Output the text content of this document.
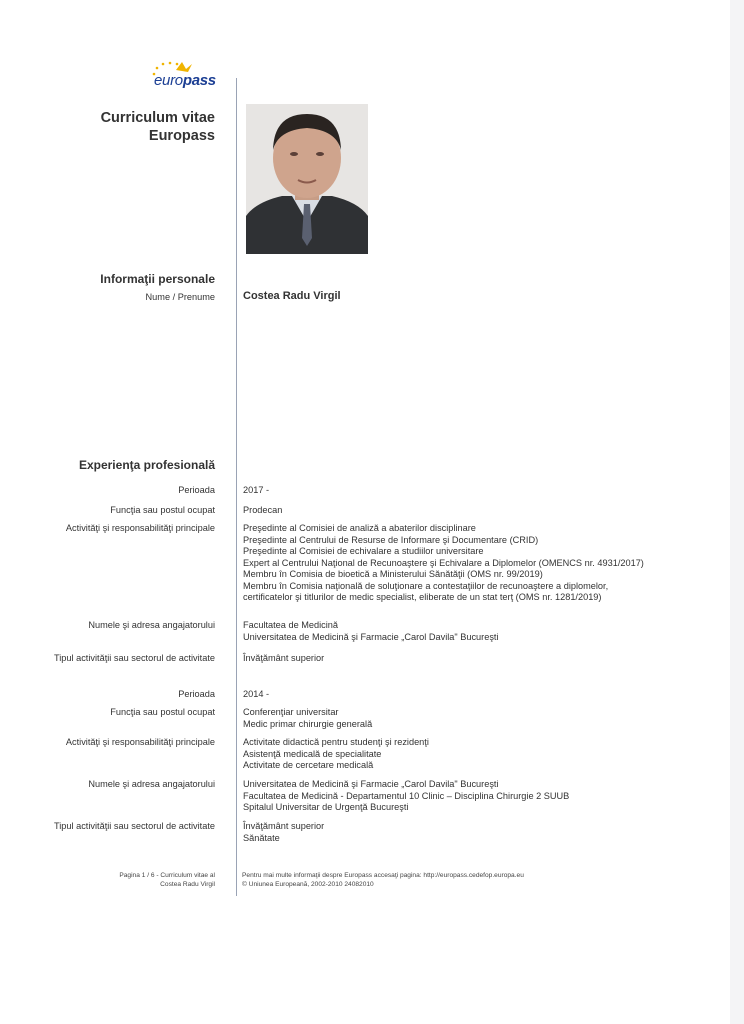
europass
Curriculum vitae
Europass
Informaţii personale
Nume / Prenume	Costea Radu Virgil
Experienţa profesională
Perioada	2017 -
Funcţia sau postul ocupat	Prodecan
Activităţi şi responsabilităţi principale	Preşedinte al Comisiei de analiză a abaterilor disciplinare
Preşedinte al Centrului de Resurse de Informare şi Documentare (CRID)
Preşedinte al Comisiei de echivalare a studiilor universitare
Expert al Centrului Naţional de Recunoaştere şi Echivalare a Diplomelor (OMENCS nr. 4931/2017)
Membru în Comisia de bioetică a Ministerului Sănătăţii (OMS nr. 99/2019)
Membru în Comisia naţională de soluţionare a contestaţiilor de recunoaştere a diplomelor,
certificatelor şi titlurilor de medic specialist, eliberate de un stat terţ (OMS nr. 1281/2019)
Numele şi adresa angajatorului	Facultatea de Medicină
Universitatea de Medicină şi Farmacie „Carol Davila" Bucureşti
Tipul activităţii sau sectorul de activitate	Învăţământ superior
Perioada	2014 -
Funcţia sau postul ocupat	Conferenţiar universitar
Medic primar chirurgie generală
Activităţi şi responsabilităţi principale	Activitate didactică pentru studenţi şi rezidenţi
Asistenţă medicală de specialitate
Activitate de cercetare medicală
Numele şi adresa angajatorului	Universitatea de Medicină şi Farmacie „Carol Davila" Bucureşti
Facultatea de Medicină - Departamentul 10 Clinic – Disciplina Chirurgie 2 SUUB
Spitalul Universitar de Urgenţă Bucureşti
Tipul activităţii sau sectorul de activitate	Învăţământ superior
Sănătate
Pagina 1 / 6 - Curriculum vitae al
Costea Radu Virgil
Pentru mai multe informaţii despre Europass accesaţi pagina: http://europass.cedefop.europa.eu
© Uniunea Europeană, 2002-2010 24082010
